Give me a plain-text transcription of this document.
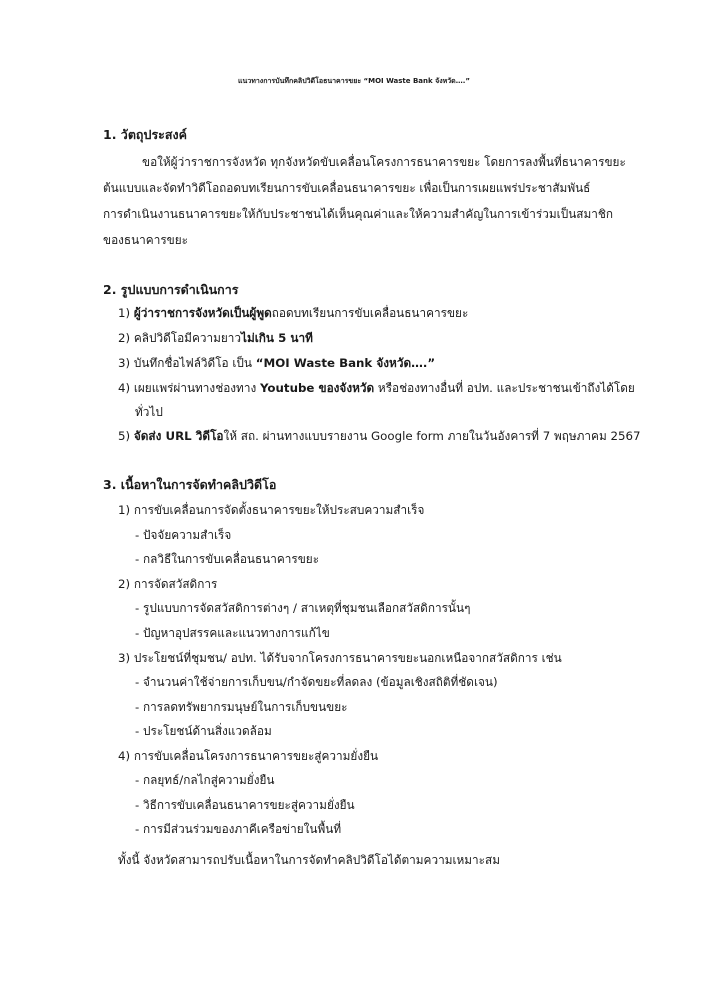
แนวทางการบันทึกคลิปวิดีโอธนาคารขยะ “MOI Waste Bank จังหวัด….”
1. วัตถุประสงค์
ขอให้ผู้ว่าราชการจังหวัด ทุกจังหวัดขับเคลื่อนโครงการธนาคารขยะ โดยการลงพื้นที่ธนาคารขยะ
ต้นแบบและจัดทำวิดีโอถอดบทเรียนการขับเคลื่อนธนาคารขยะ เพื่อเป็นการเผยแพร่ประชาสัมพันธ์
การดำเนินงานธนาคารขยะให้กับประชาชนได้เห็นคุณค่าและให้ความสำคัญในการเข้าร่วมเป็นสมาชิก
ของธนาคารขยะ
2. รูปแบบการดำเนินการ
1) ผู้ว่าราชการจังหวัดเป็นผู้พูดถอดบทเรียนการขับเคลื่อนธนาคารขยะ
2) คลิปวิดีโอมีความยาวไม่เกิน 5 นาที
3) บันทึกชื่อไฟล์วิดีโอ เป็น “MOI Waste Bank จังหวัด….”
4) เผยแพร่ผ่านทางช่องทาง Youtube ของจังหวัด หรือช่องทางอื่นที่ อปท. และประชาชนเข้าถึงได้โดย
ทั่วไป
5) จัดส่ง URL วิดีโอให้ สถ. ผ่านทางแบบรายงาน Google form ภายในวันอังคารที่ 7 พฤษภาคม 2567
3. เนื้อหาในการจัดทำคลิปวิดีโอ
1) การขับเคลื่อนการจัดตั้งธนาคารขยะให้ประสบความสำเร็จ
- ปัจจัยความสำเร็จ
- กลวิธีในการขับเคลื่อนธนาคารขยะ
2) การจัดสวัสดิการ
- รูปแบบการจัดสวัสดิการต่างๆ / สาเหตุที่ชุมชนเลือกสวัสดิการนั้นๆ
- ปัญหาอุปสรรคและแนวทางการแก้ไข
3) ประโยชน์ที่ชุมชน/ อปท. ได้รับจากโครงการธนาคารขยะนอกเหนือจากสวัสดิการ เช่น
- จำนวนค่าใช้จ่ายการเก็บขน/กำจัดขยะที่ลดลง (ข้อมูลเชิงสถิติที่ชัดเจน)
- การลดทรัพยากรมนุษย์ในการเก็บขนขยะ
- ประโยชน์ด้านสิ่งแวดล้อม
4) การขับเคลื่อนโครงการธนาคารขยะสู่ความยั่งยืน
- กลยุทธ์/กลไกสู่ความยั่งยืน
- วิธีการขับเคลื่อนธนาคารขยะสู่ความยั่งยืน
- การมีส่วนร่วมของภาคีเครือข่ายในพื้นที่
ทั้งนี้ จังหวัดสามารถปรับเนื้อหาในการจัดทำคลิปวิดีโอได้ตามความเหมาะสม
